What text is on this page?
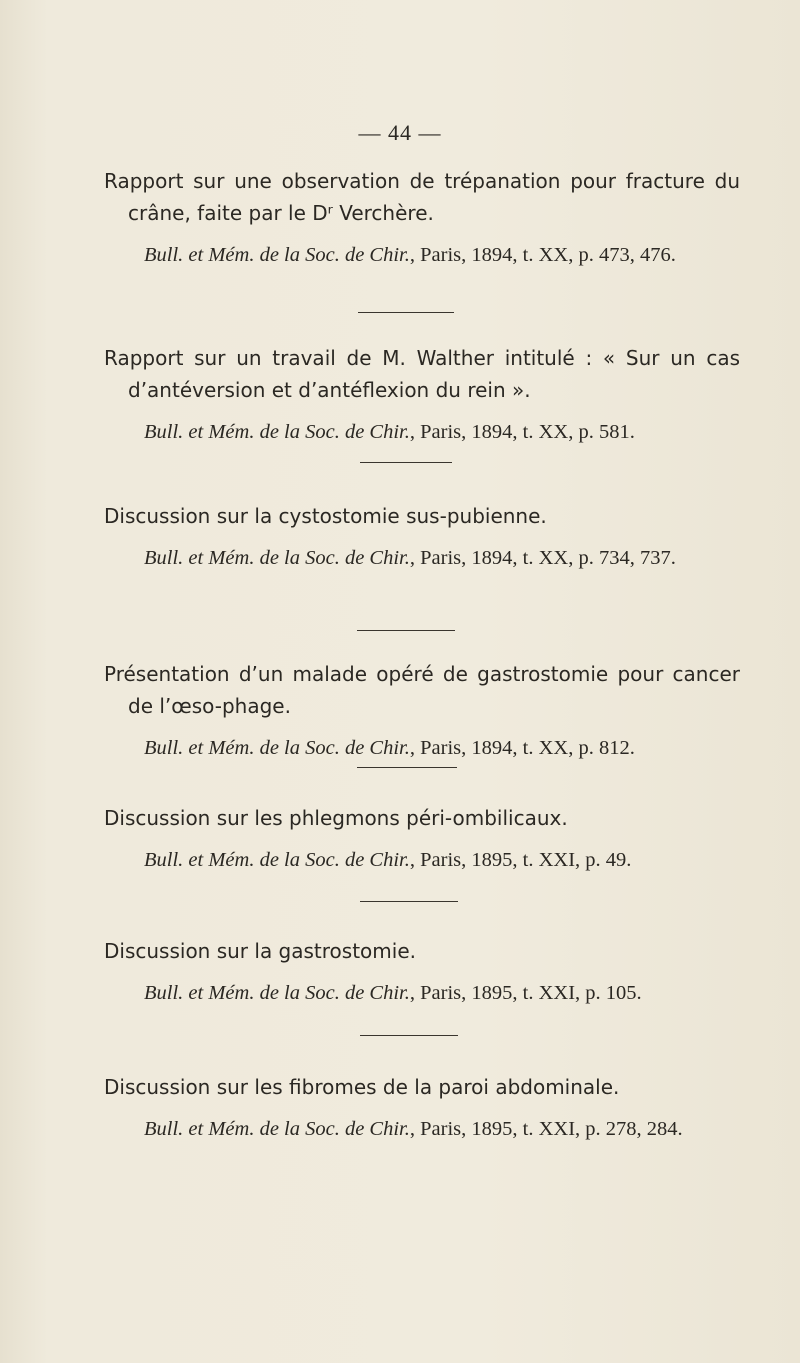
— 44 —

Rapport sur une observation de trépanation pour fracture du crâne, faite par le Dʳ Verchère.

Bull. et Mém. de la Soc. de Chir., Paris, 1894, t. XX, p. 473, 476.

Rapport sur un travail de M. Walther intitulé : « Sur un cas d’antéversion et d’antéflexion du rein ».

Bull. et Mém. de la Soc. de Chir., Paris, 1894, t. XX, p. 581.

Discussion sur la cystostomie sus-pubienne.

Bull. et Mém. de la Soc. de Chir., Paris, 1894, t. XX, p. 734, 737.

Présentation d’un malade opéré de gastrostomie pour cancer de l’œso-phage.

Bull. et Mém. de la Soc. de Chir., Paris, 1894, t. XX, p. 812.

Discussion sur les phlegmons péri-ombilicaux.

Bull. et Mém. de la Soc. de Chir., Paris, 1895, t. XXI, p. 49.

Discussion sur la gastrostomie.

Bull. et Mém. de la Soc. de Chir., Paris, 1895, t. XXI, p. 105.

Discussion sur les fibromes de la paroi abdominale.

Bull. et Mém. de la Soc. de Chir., Paris, 1895, t. XXI, p. 278, 284.
